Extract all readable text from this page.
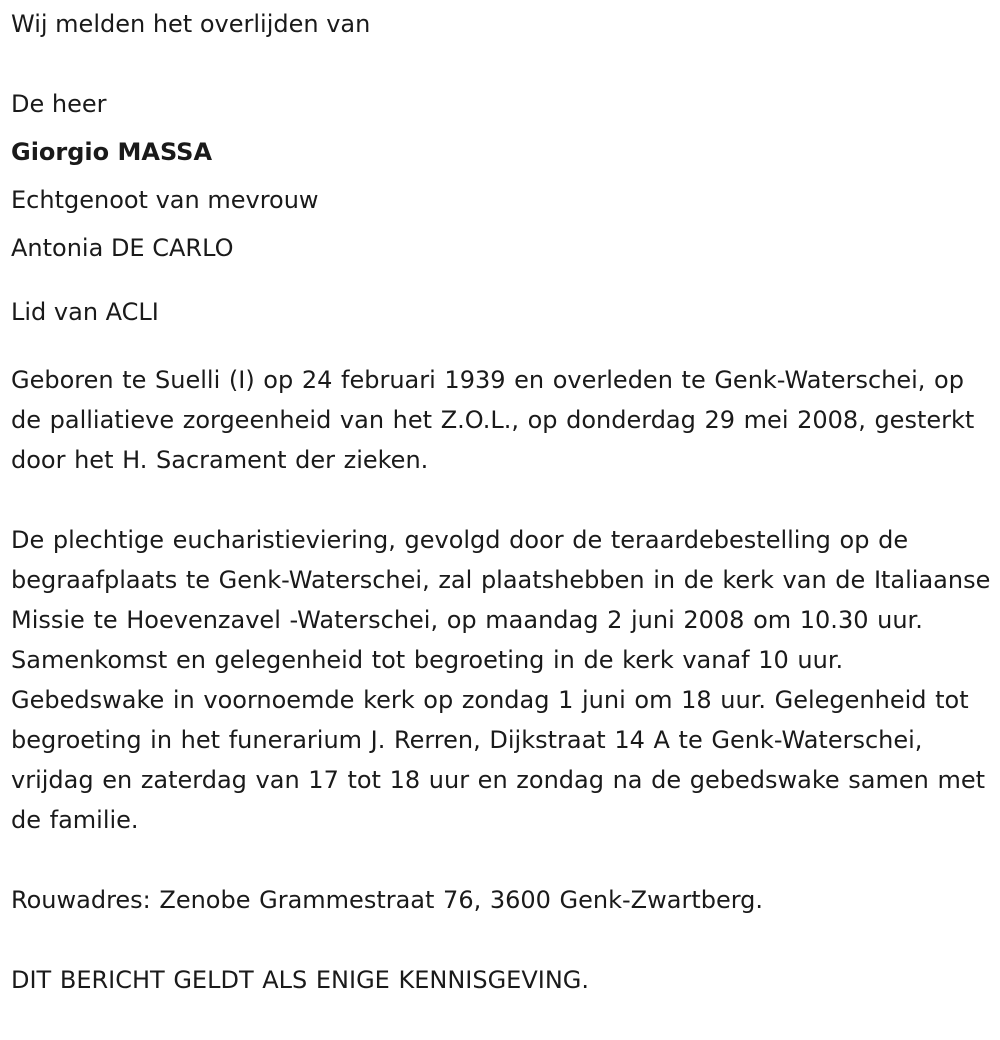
Wij melden het overlijden van
De heer
Giorgio MASSA
Echtgenoot van mevrouw
Antonia DE CARLO
Lid van ACLI
Geboren te Suelli (I) op 24 februari 1939 en overleden te Genk-Waterschei, op de palliatieve zorgeenheid van het Z.O.L., op donderdag 29 mei 2008, gesterkt door het H. Sacrament der zieken.
De plechtige eucharistieviering, gevolgd door de teraardebestelling op de begraafplaats te Genk-Waterschei, zal plaatshebben in de kerk van de Italiaanse Missie te Hoevenzavel -Waterschei, op maandag 2 juni 2008 om 10.30 uur. Samenkomst en gelegenheid tot begroeting in de kerk vanaf 10 uur. Gebedswake in voornoemde kerk op zondag 1 juni om 18 uur. Gelegenheid tot begroeting in het funerarium J. Rerren, Dijkstraat 14 A te Genk-Waterschei, vrijdag en zaterdag van 17 tot 18 uur en zondag na de gebedswake samen met de familie.
Rouwadres: Zenobe Grammestraat 76, 3600 Genk-Zwartberg.
DIT BERICHT GELDT ALS ENIGE KENNISGEVING.
